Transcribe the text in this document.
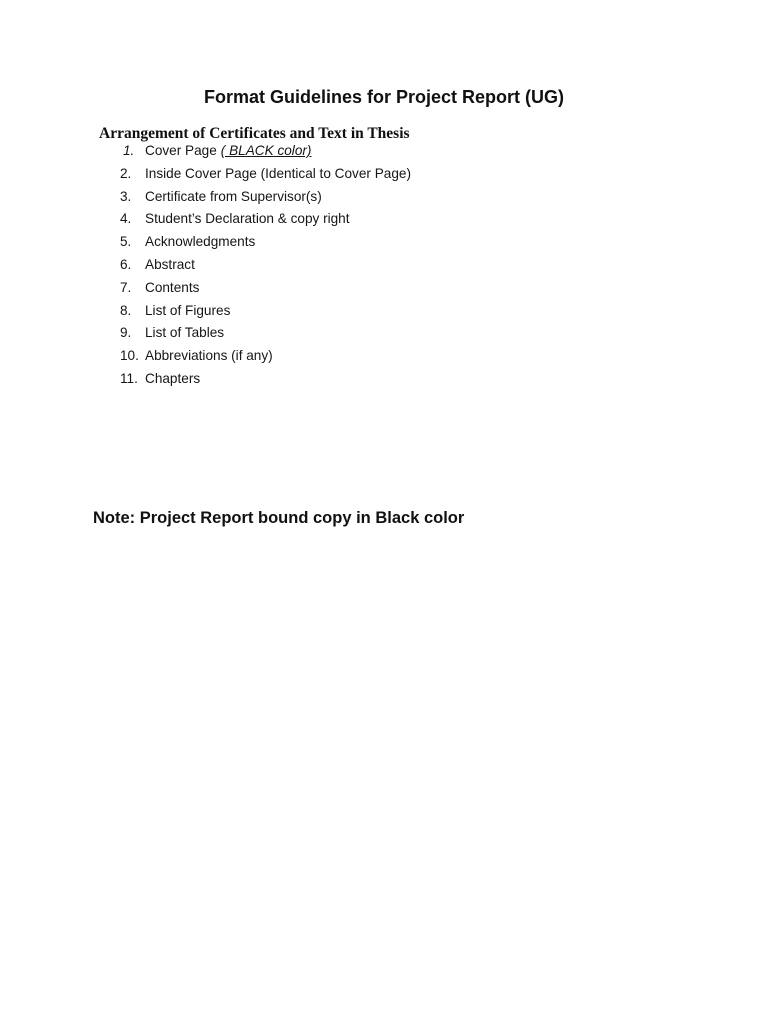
Format Guidelines for Project Report (UG)
Arrangement of Certificates and Text in Thesis
1. Cover Page ( BLACK color)
2.	Inside Cover Page (Identical to Cover Page)
3.	Certificate from Supervisor(s)
4.	Student’s Declaration & copy right
5.	Acknowledgments
6.	Abstract
7.	Contents
8.	List of Figures
9.	List of Tables
10. Abbreviations (if any)
11. Chapters
Note: Project Report bound copy in Black color
